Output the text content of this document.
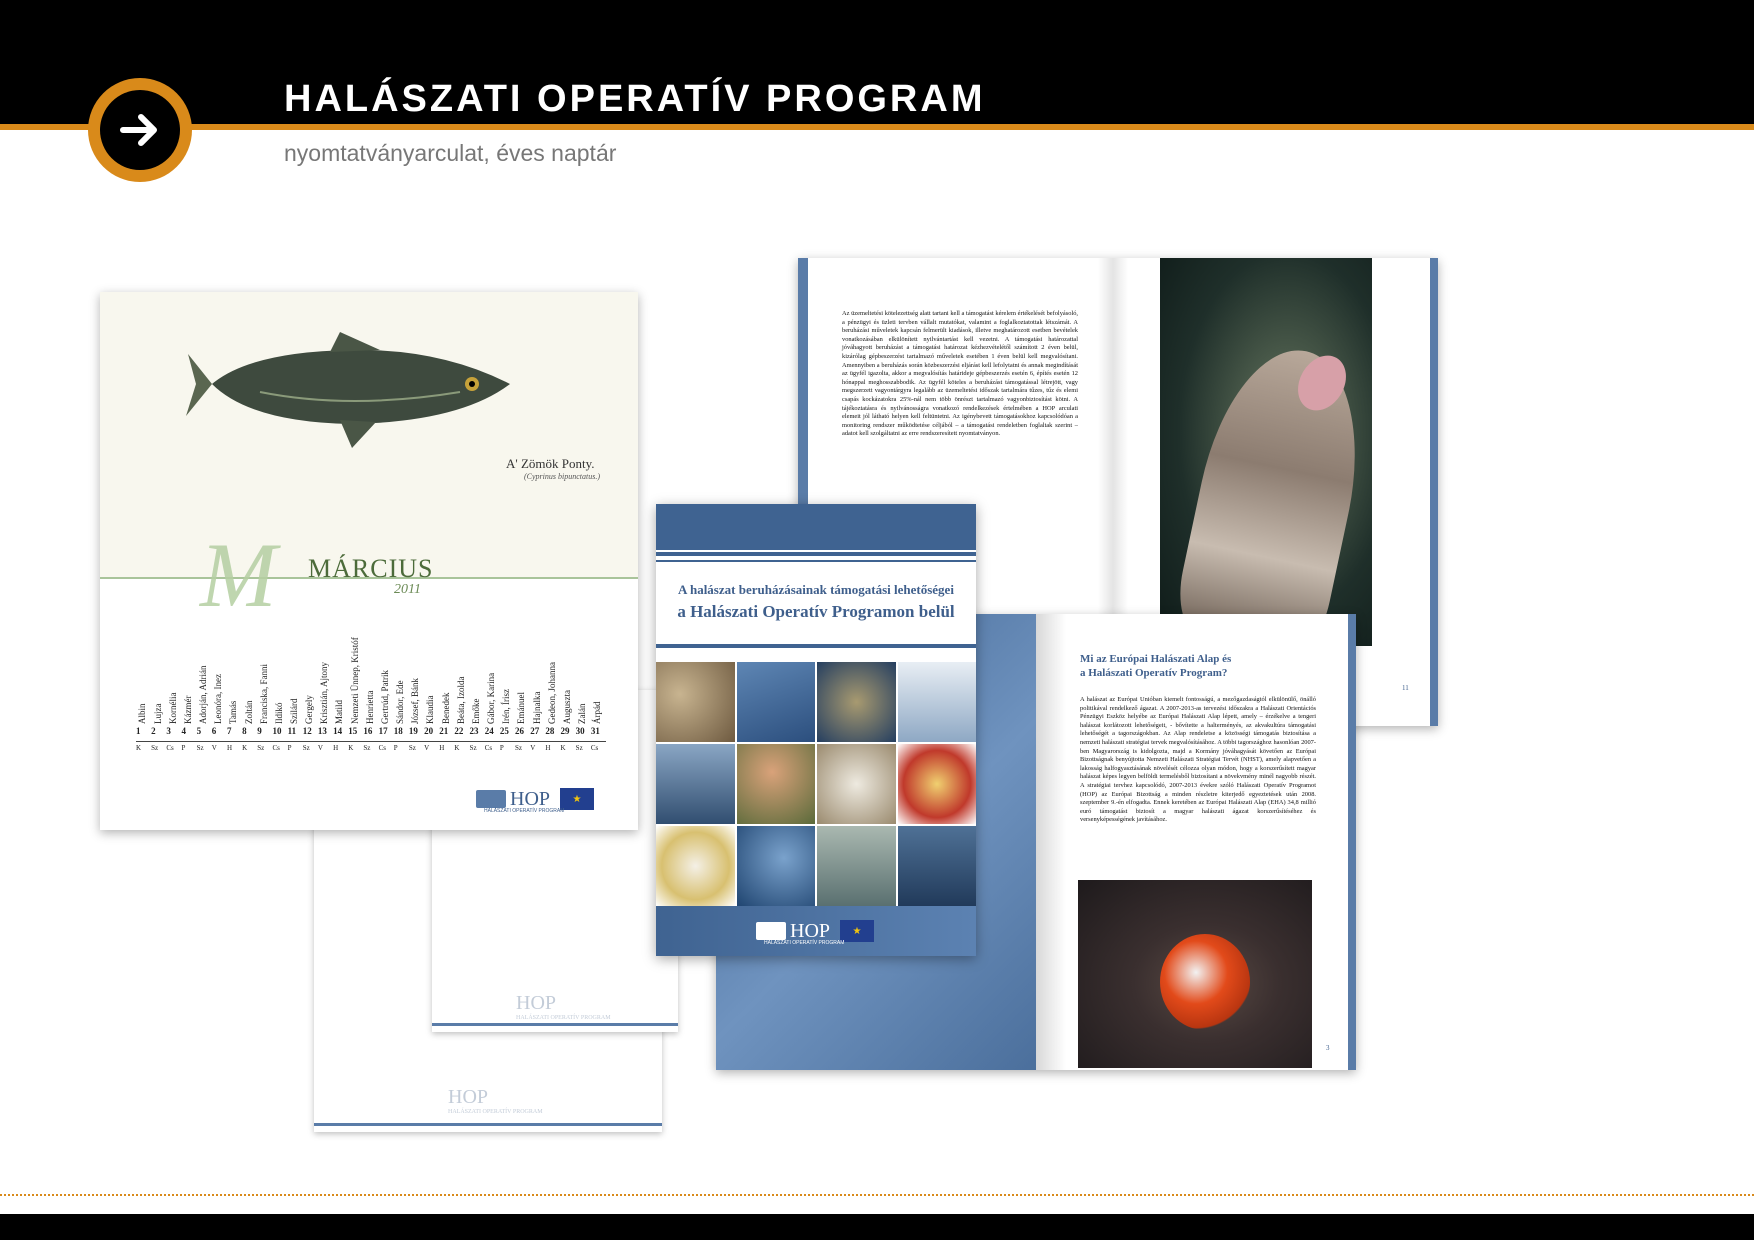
HALÁSZATI OPERATÍV PROGRAM
nyomtatványarculat, éves naptár
HOP
HALÁSZATI OPERATÍV PROGRAM
HOP
HALÁSZATI OPERATÍV PROGRAM
A' Zömök Ponty.
(Cyprinus bipunctatus.)
M MÁRCIUS
2011
Albin Lujza Kornélia Kázmér Adorján, Adrián Leonóra, Inez Tamás Zoltán Franciska, Fanni Ildikó Szilárd Gergely Krisztián, Ajtony Matild Nemzeti Ünnep, Kristóf Henrietta Gertrúd, Patrik Sándor, Ede József, Bánk Klaudia Benedek Beáta, Izolda Emőke Gábor, Karina Irén, Írisz Emánuel Hajnalka Gedeon, Johanna Auguszta Zalán Árpád
1 2 3 4 5 6 7 8 9 10 11 12 13 14 15 16 17 18 19 20 21 22 23 24 25 26 27 28 29 30 31
K Sz Cs P Sz V H K Sz Cs P Sz V H K Sz Cs P Sz V H K Sz Cs P Sz V H K Sz Cs
HOP
HALÁSZATI OPERATÍV PROGRAM
★
Az üzemeltetési kötelezettség alatt tartani kell a támogatást kérelem értékelését befolyásoló, a pénzügyi és üzleti tervben vállalt mutatókat, valamint a foglalkoztatottak létszámát. A beruházási műveletek kapcsán felmerült kiadások, illetve meghatározott esetben bevételek vonatkozásában elkülönített nyilvántartást kell vezetni. A támogatási határozattal jóváhagyott beruházást a támogatási határozat kézhezvételétől számított 2 éven belül, kizárólag gépbeszerzést tartalmazó műveletek esetében 1 éven belül kell megvalósítani. Amennyiben a beruházás során közbeszerzési eljárást kell lefolytatni és annak megindítását az ügyfél igazolta, akkor a megvalósítás határideje gépbeszerzés esetén 6, építés esetén 12 hónappal meghosszabbodik. Az ügyfél köteles a beruházást támogatással létrejött, vagy megszerzett vagyontárgyra legalább az üzemeltetési időszak tartalmára tűzes, tűz és elemi csapás kockázatokra 25%-nál nem több önrészt tartalmazó vagyonbiztosítást kötni. A tájékoztatásra és nyilvánosságra vonatkozó rendelkezések értelmében a HOP arculati elemeit jól látható helyen kell feltüntetni. Az igénybevett támogatásokhoz kapcsolódóan a monitoring rendszer működtetése céljából – a támogatási rendeletben foglaltak szerint – adatot kell szolgáltatni az erre rendszeresített nyomtatványon.
11
Mi az Európai Halászati Alap és
a Halászati Operatív Program?
A halászat az Európai Unióban kiemelt fontosságú, a mezőgazdaságtól elkülönülő, önálló politikával rendelkező ágazat. A 2007-2013-as tervezési időszakra a Halászati Orientációs Pénzügyi Eszköz helyébe az Európai Halászati Alap lépett, amely – érzékelve a tengeri halászat korlátozott lehetőségeit, - bővítette a halterményés, az akvakultúra támogatási lehetőségét a tagországokban. Az Alap rendeletse a közösségi támogatás biztosítása a nemzeti halászati stratégiai tervek megvalósításához. A többi tagországhoz hasonlóan 2007-ben Magyarország is kidolgozta, majd a Kormány jóváhagyását követően az Európai Bizottságnak benyújtotta Nemzeti Halászati Stratégiai Tervét (NHST), amely alapvetően a lakosság halfogyasztásának növelését célozza olyan módon, hogy a korszerűsített magyar halászat képes legyen belföldi termelésből biztosítani a növekvmény minél nagyobb részét. A stratégiai tervhez kapcsolódó, 2007-2013 évekre szóló Halászati Operatív Programot (HOP) az Európai Bizottság a minden részletre kiterjedő egyeztetések után 2008. szeptember 9.-én elfogadta. Ennek keretében az Európai Halászati Alap (EHA) 34,8 millió euró támogatást biztosít a magyar halászati ágazat korszerűsítéséhez és versenyképességének javításához.
3
A halászat beruházásainak támogatási lehetőségei
a Halászati Operatív Programon belül
HOP
HALÁSZATI OPERATÍV PROGRAM
★
